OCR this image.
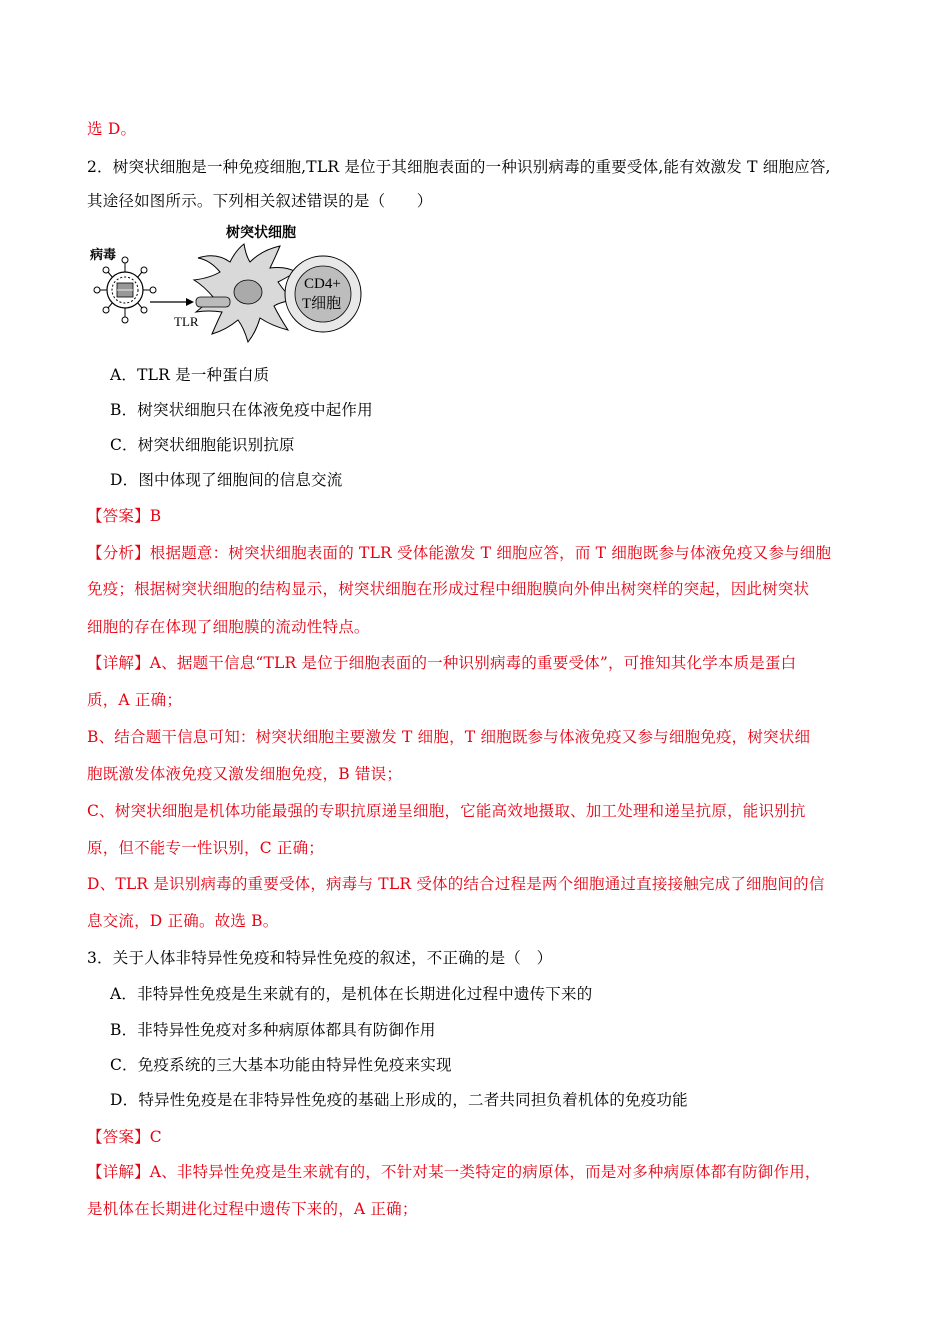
选 D。
2．树突状细胞是一种免疫细胞,TLR 是位于其细胞表面的一种识别病毒的重要受体,能有效激发 T 细胞应答,
其途径如图所示。下列相关叙述错误的是（　　）
病毒
树突状细胞
TLR
CD4+
T细胞
A．TLR 是一种蛋白质
B．树突状细胞只在体液免疫中起作用
C．树突状细胞能识别抗原
D．图中体现了细胞间的信息交流
【答案】B
【分析】根据题意：树突状细胞表面的 TLR 受体能激发 T 细胞应答，而 T 细胞既参与体液免疫又参与细胞
免疫；根据树突状细胞的结构显示，树突状细胞在形成过程中细胞膜向外伸出树突样的突起，因此树突状
细胞的存在体现了细胞膜的流动性特点。
【详解】A、据题干信息“TLR 是位于细胞表面的一种识别病毒的重要受体”，可推知其化学本质是蛋白
质，A 正确；
B、结合题干信息可知：树突状细胞主要激发 T 细胞，T 细胞既参与体液免疫又参与细胞免疫，树突状细
胞既激发体液免疫又激发细胞免疫，B 错误；
C、树突状细胞是机体功能最强的专职抗原递呈细胞，它能高效地摄取、加工处理和递呈抗原，能识别抗
原，但不能专一性识别，C 正确；
D、TLR 是识别病毒的重要受体，病毒与 TLR 受体的结合过程是两个细胞通过直接接触完成了细胞间的信
息交流，D 正确。故选 B。
3．关于人体非特异性免疫和特异性免疫的叙述，不正确的是（　）
A．非特异性免疫是生来就有的，是机体在长期进化过程中遗传下来的
B．非特异性免疫对多种病原体都具有防御作用
C．免疫系统的三大基本功能由特异性免疫来实现
D．特异性免疫是在非特异性免疫的基础上形成的，二者共同担负着机体的免疫功能
【答案】C
【详解】A、非特异性免疫是生来就有的，不针对某一类特定的病原体，而是对多种病原体都有防御作用，
是机体在长期进化过程中遗传下来的，A 正确；
